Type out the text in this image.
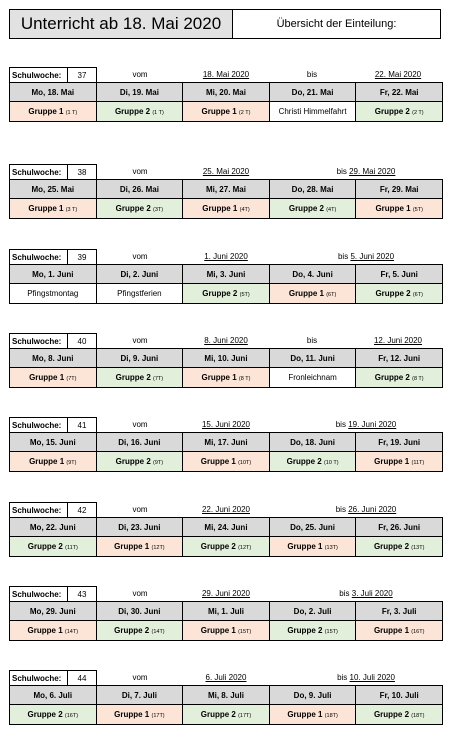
Unterricht ab 18. Mai 2020	Übersicht der Einteilung:
Schulwoche:	37	vom	18. Mai 2020	bis	22. Mai 2020
Mo, 18. Mai	Di, 19. Mai	Mi, 20. Mai	Do, 21. Mai	Fr, 22. Mai
Gruppe 1 (1 T)	Gruppe 2 (1 T)	Gruppe 1 (2 T)	Christi Himmelfahrt	Gruppe 2 (2 T)
Schulwoche:	38	vom	25. Mai 2020	bis 29. Mai 2020
Mo, 25. Mai	Di, 26. Mai	Mi, 27. Mai	Do, 28. Mai	Fr, 29. Mai
Gruppe 1 (3 T)	Gruppe 2 (3T)	Gruppe 1 (4T)	Gruppe 2 (4T)	Gruppe 1 (5T)
Schulwoche:	39	vom	1. Juni 2020	bis 5. Juni 2020
Mo, 1. Juni	Di, 2. Juni	Mi, 3. Juni	Do, 4. Juni	Fr, 5. Juni
Pfingstmontag	Pfingstferien	Gruppe 2 (5T)	Gruppe 1 (6T)	Gruppe 2 (6T)
Schulwoche:	40	vom	8. Juni 2020	bis	12. Juni 2020
Mo, 8. Juni	Di, 9. Juni	Mi, 10. Juni	Do, 11. Juni	Fr, 12. Juni
Gruppe 1 (7T)	Gruppe 2 (7T)	Gruppe 1 (8 T)	Fronleichnam	Gruppe 2 (8 T)
Schulwoche:	41	vom	15. Juni 2020	bis 19. Juni 2020
Mo, 15. Juni	Di, 16. Juni	Mi, 17. Juni	Do, 18. Juni	Fr, 19. Juni
Gruppe 1 (9T)	Gruppe 2 (9T)	Gruppe 1 (10T)	Gruppe 2 (10 T)	Gruppe 1 (11T)
Schulwoche:	42	vom	22. Juni 2020	bis 26. Juni 2020
Mo, 22. Juni	Di, 23. Juni	Mi, 24. Juni	Do, 25. Juni	Fr, 26. Juni
Gruppe 2 (11T)	Gruppe 1 (12T)	Gruppe 2 (12T)	Gruppe 1 (13T)	Gruppe 2 (13T)
Schulwoche:	43	vom	29. Juni 2020	bis 3. Juli 2020
Mo, 29. Juni	Di, 30. Juni	Mi, 1. Juli	Do, 2. Juli	Fr, 3. Juli
Gruppe 1 (14T)	Gruppe 2 (14T)	Gruppe 1 (15T)	Gruppe 2 (15T)	Gruppe 1 (16T)
Schulwoche:	44	vom	6. Juli 2020	bis 10. Juli 2020
Mo, 6. Juli	Di, 7. Juli	Mi, 8. Juli	Do, 9. Juli	Fr, 10. Juli
Gruppe 2 (16T)	Gruppe 1 (17T)	Gruppe 2 (17T)	Gruppe 1 (18T)	Gruppe 2 (18T)
